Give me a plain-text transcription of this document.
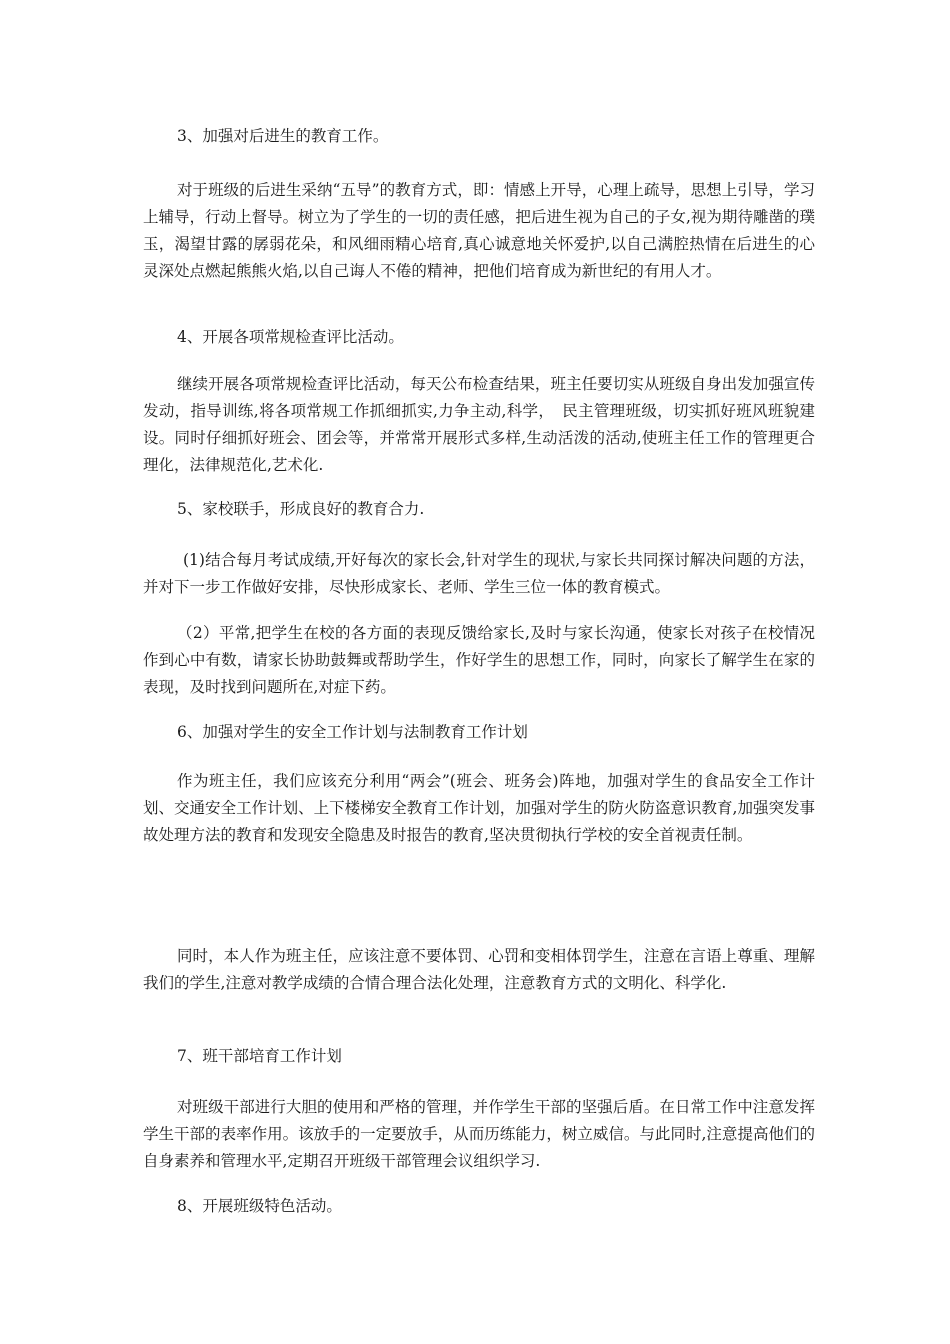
3、加强对后进生的教育工作。

对于班级的后进生采纳“五导”的教育方式，即：情感上开导，心理上疏导，思想上引导，学习上辅导，行动上督导。树立为了学生的一切的责任感，把后进生视为自己的子女,视为期待雕凿的璞玉，渴望甘露的孱弱花朵，和风细雨精心培育,真心诚意地关怀爱护,以自己满腔热情在后进生的心灵深处点燃起熊熊火焰,以自己诲人不倦的精神，把他们培育成为新世纪的有用人才。

4、开展各项常规检查评比活动。

继续开展各项常规检查评比活动，每天公布检查结果，班主任要切实从班级自身出发加强宣传发动，指导训练,将各项常规工作抓细抓实,力争主动,科学，　民主管理班级，切实抓好班风班貌建设。同时仔细抓好班会、团会等，并常常开展形式多样,生动活泼的活动,使班主任工作的管理更合理化，法律规范化,艺术化.

5、家校联手，形成良好的教育合力.

(1)结合每月考试成绩,开好每次的家长会,针对学生的现状,与家长共同探讨解决问题的方法，并对下一步工作做好安排，尽快形成家长、老师、学生三位一体的教育模式。

（2）平常,把学生在校的各方面的表现反馈给家长,及时与家长沟通，使家长对孩子在校情况作到心中有数，请家长协助鼓舞或帮助学生，作好学生的思想工作，同时，向家长了解学生在家的表现，及时找到问题所在,对症下药。

6、加强对学生的安全工作计划与法制教育工作计划

作为班主任，我们应该充分利用“两会”(班会、班务会)阵地，加强对学生的食品安全工作计划、交通安全工作计划、上下楼梯安全教育工作计划，加强对学生的防火防盗意识教育,加强突发事故处理方法的教育和发现安全隐患及时报告的教育,坚决贯彻执行学校的安全首视责任制。

同时，本人作为班主任，应该注意不要体罚、心罚和变相体罚学生，注意在言语上尊重、理解我们的学生,注意对教学成绩的合情合理合法化处理，注意教育方式的文明化、科学化.

7、班干部培育工作计划

对班级干部进行大胆的使用和严格的管理，并作学生干部的坚强后盾。在日常工作中注意发挥学生干部的表率作用。该放手的一定要放手，从而历练能力，树立威信。与此同时,注意提高他们的自身素养和管理水平,定期召开班级干部管理会议组织学习.

8、开展班级特色活动。
